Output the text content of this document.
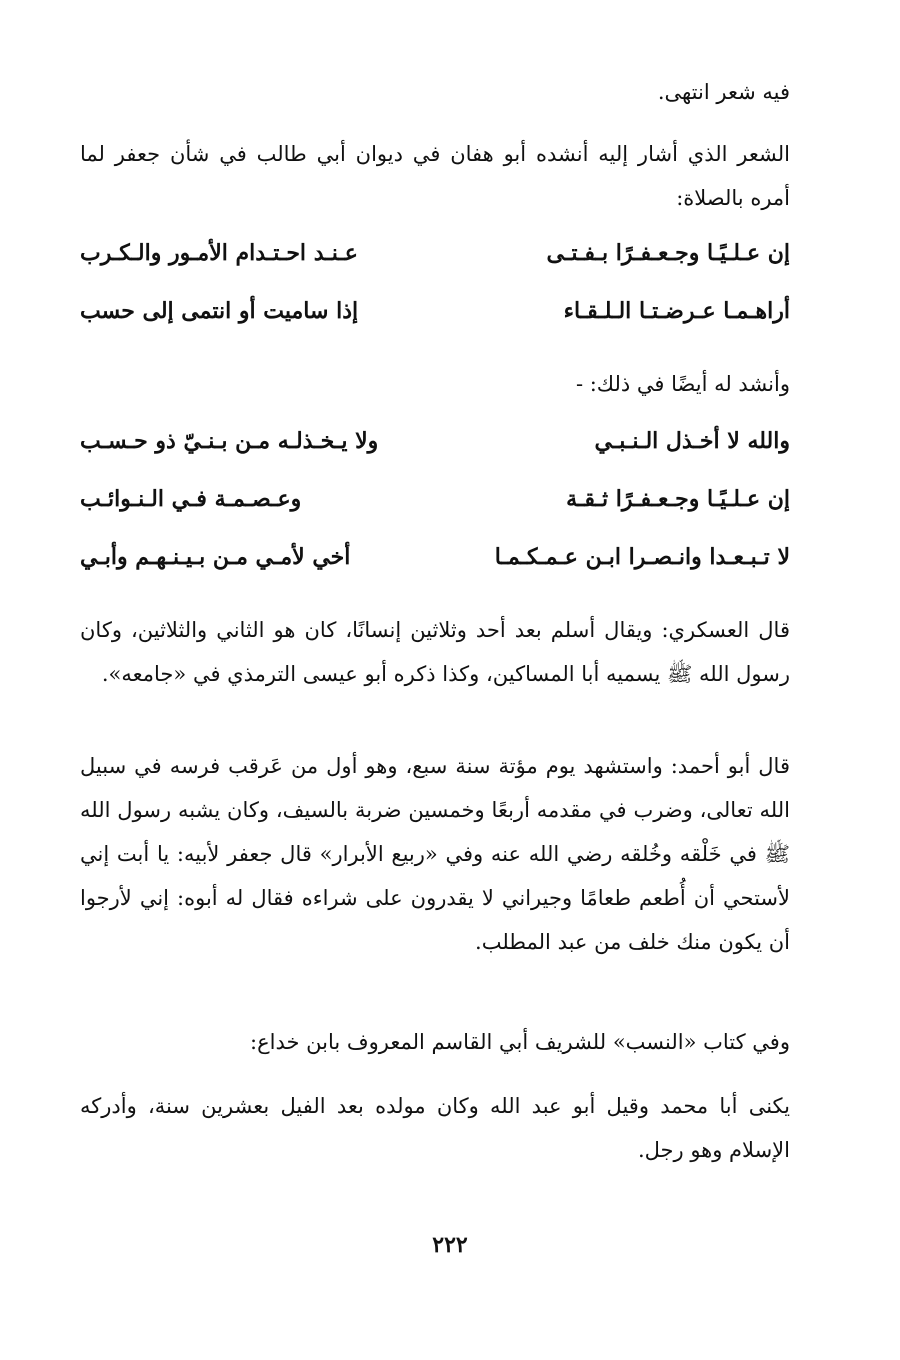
فيه شعر انتهى.

الشعر الذي أشار إليه أنشده أبو هفان في ديوان أبي طالب في شأن جعفر لما أمره بالصلاة:

إن عـلـيًـا وجـعـفـرًا بـفـتـى
عـنـد احـتـدام الأمـور والـكـرب
أراهـمـا عـرضـتـا الـلـقـاء
إذا ساميت أو انتمى إلى حسب

وأنشد له أيضًا في ذلك: -

والله لا أخـذل الـنـبـي
ولا يـخـذلـه مـن بـنـيّ ذو حـسـب
إن عـلـيًـا وجـعـفـرًا ثـقـة
وعـصـمـة فـي الـنـوائـب
لا تـبـعـدا وانـصـرا ابـن عـمـكـمـا
أخي لأمـي مـن بـيـنـهـم وأبـي

قال العسكري: ويقال أسلم بعد أحد وثلاثين إنسانًا، كان هو الثاني والثلاثين، وكان رسول الله ﷺ يسميه أبا المساكين، وكذا ذكره أبو عيسى الترمذي في «جامعه».

قال أبو أحمد: واستشهد يوم مؤتة سنة سبع، وهو أول من عَرقب فرسه في سبيل الله تعالى، وضرب في مقدمه أربعًا وخمسين ضربة بالسيف، وكان يشبه رسول الله ﷺ في خَلْقه وخُلقه رضي الله عنه وفي «ربيع الأبرار» قال جعفر لأبيه: يا أبت إني لأستحي أن أُطعم طعامًا وجيراني لا يقدرون على شراءه فقال له أبوه: إني لأرجوا أن يكون منك خلف من عبد المطلب.

وفي كتاب «النسب» للشريف أبي القاسم المعروف بابن خداع:

يكنى أبا محمد وقيل أبو عبد الله وكان مولده بعد الفيل بعشرين سنة، وأدركه الإسلام وهو رجل.

٢٢٢
